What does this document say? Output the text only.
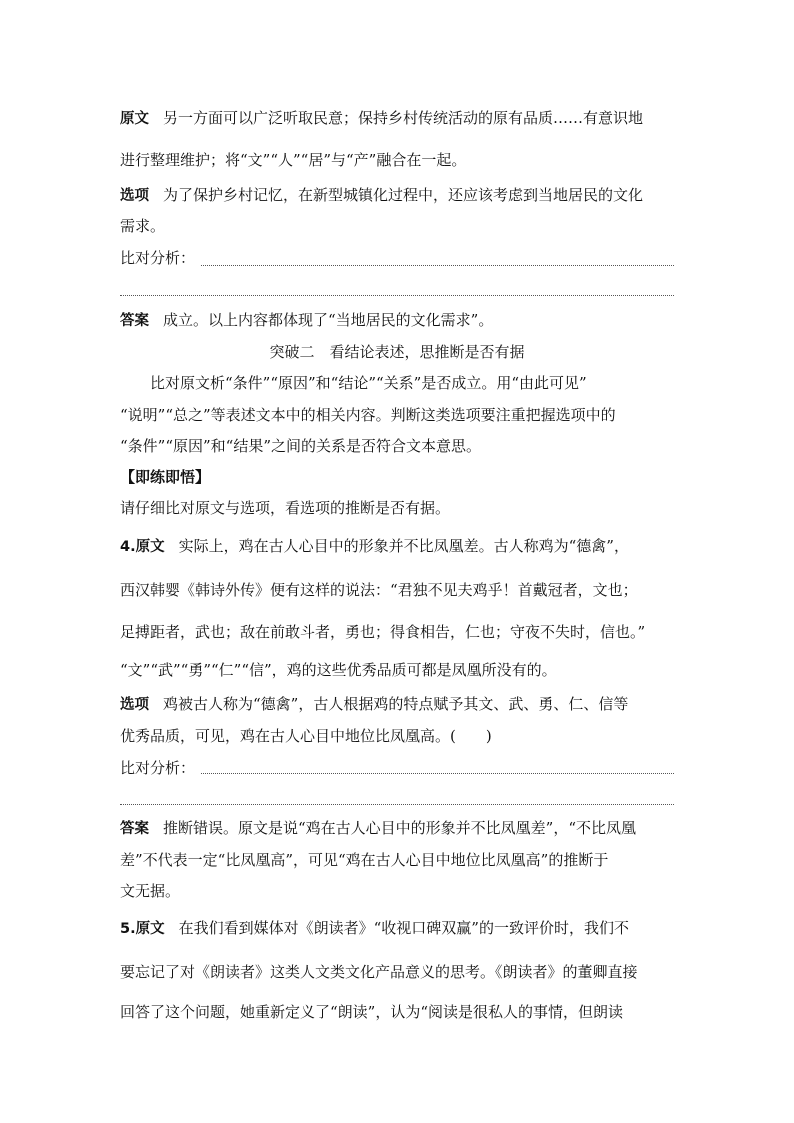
原文 另一方面可以广泛听取民意；保持乡村传统活动的原有品质……有意识地
进行整理维护；将“文”“人”“居”与“产”融合在一起。
选项 为了保护乡村记忆，在新型城镇化过程中，还应该考虑到当地居民的文化
需求。
比对分析：
答案 成立。以上内容都体现了“当地居民的文化需求”。
突破二　看结论表述，思推断是否有据
比对原文析“条件”“原因”和“结论”“关系”是否成立。用“由此可见”
“说明”“总之”等表述文本中的相关内容。判断这类选项要注重把握选项中的
“条件”“原因”和“结果”之间的关系是否符合文本意思。
【即练即悟】
请仔细比对原文与选项，看选项的推断是否有据。
4.原文 实际上，鸡在古人心目中的形象并不比凤凰差。古人称鸡为“德禽”，
西汉韩婴《韩诗外传》便有这样的说法：“君独不见夫鸡乎！首戴冠者，文也；
足搏距者，武也；敌在前敢斗者，勇也；得食相告，仁也；守夜不失时，信也。”
“文”“武”“勇”“仁”“信”，鸡的这些优秀品质可都是凤凰所没有的。
选项 鸡被古人称为“德禽”，古人根据鸡的特点赋予其文、武、勇、仁、信等
优秀品质，可见，鸡在古人心目中地位比凤凰高。(　　)
比对分析：
答案 推断错误。原文是说“鸡在古人心目中的形象并不比凤凰差”，“不比凤凰
差”不代表一定“比凤凰高”，可见“鸡在古人心目中地位比凤凰高”的推断于
文无据。
5.原文 在我们看到媒体对《朗读者》“收视口碑双赢”的一致评价时，我们不
要忘记了对《朗读者》这类人文类文化产品意义的思考。《朗读者》的董卿直接
回答了这个问题，她重新定义了“朗读”，认为“阅读是很私人的事情，但朗读
